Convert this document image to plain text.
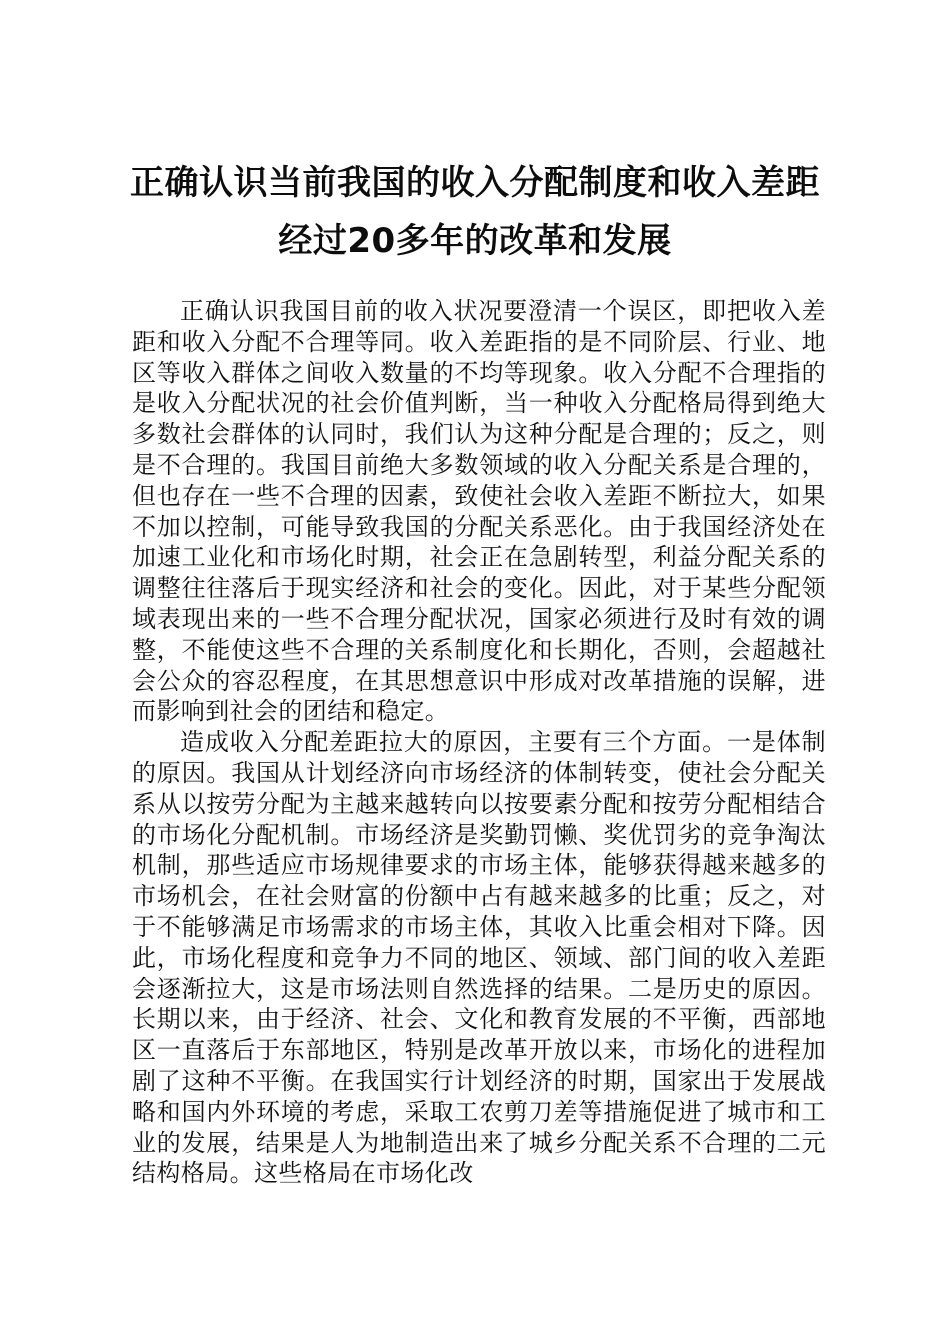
正确认识当前我国的收入分配制度和收入差距
经过20多年的改革和发展

正确认识我国目前的收入状况要澄清一个误区，即把收入差距和收入分配不合理等同。收入差距指的是不同阶层、行业、地区等收入群体之间收入数量的不均等现象。收入分配不合理指的是收入分配状况的社会价值判断，当一种收入分配格局得到绝大多数社会群体的认同时，我们认为这种分配是合理的；反之，则是不合理的。我国目前绝大多数领域的收入分配关系是合理的，但也存在一些不合理的因素，致使社会收入差距不断拉大，如果不加以控制，可能导致我国的分配关系恶化。由于我国经济处在加速工业化和市场化时期，社会正在急剧转型，利益分配关系的调整往往落后于现实经济和社会的变化。因此，对于某些分配领域表现出来的一些不合理分配状况，国家必须进行及时有效的调整，不能使这些不合理的关系制度化和长期化，否则，会超越社会公众的容忍程度，在其思想意识中形成对改革措施的误解，进而影响到社会的团结和稳定。

造成收入分配差距拉大的原因，主要有三个方面。一是体制的原因。我国从计划经济向市场经济的体制转变，使社会分配关系从以按劳分配为主越来越转向以按要素分配和按劳分配相结合的市场化分配机制。市场经济是奖勤罚懒、奖优罚劣的竞争淘汰机制，那些适应市场规律要求的市场主体，能够获得越来越多的市场机会，在社会财富的份额中占有越来越多的比重；反之，对于不能够满足市场需求的市场主体，其收入比重会相对下降。因此，市场化程度和竞争力不同的地区、领域、部门间的收入差距会逐渐拉大，这是市场法则自然选择的结果。二是历史的原因。长期以来，由于经济、社会、文化和教育发展的不平衡，西部地区一直落后于东部地区，特别是改革开放以来，市场化的进程加剧了这种不平衡。在我国实行计划经济的时期，国家出于发展战略和国内外环境的考虑，采取工农剪刀差等措施促进了城市和工业的发展，结果是人为地制造出来了城乡分配关系不合理的二元结构格局。这些格局在市场化改
